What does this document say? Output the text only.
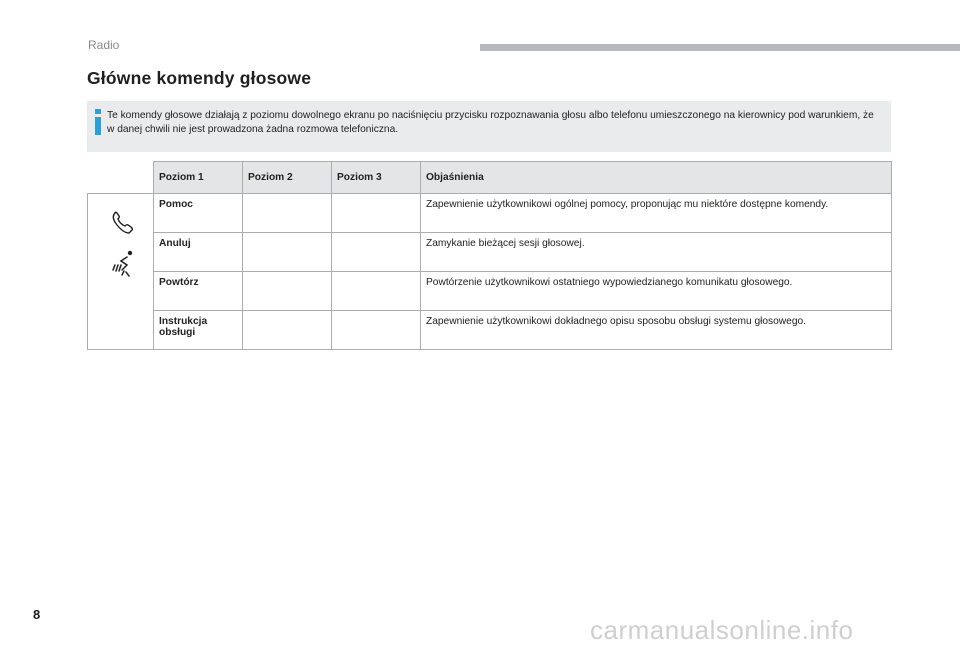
Radio
Główne komendy głosowe
Te komendy głosowe działają z poziomu dowolnego ekranu po naciśnięciu przycisku rozpoznawania głosu albo telefonu umieszczonego na kierownicy pod warunkiem, że w danej chwili nie jest prowadzona żadna rozmowa telefoniczna.
	Poziom 1	Poziom 2	Poziom 3	Objaśnienia

	Pomoc			Zapewnienie użytkownikowi ogólnej pomocy, proponując mu niektóre dostępne komendy.
	Anuluj			Zamykanie bieżącej sesji głosowej.
	Powtórz			Powtórzenie użytkownikowi ostatniego wypowiedzianego komunikatu głosowego.
	Instrukcja obsługi			Zapewnienie użytkownikowi dokładnego opisu sposobu obsługi systemu głosowego.
8
carmanualsonline.info
